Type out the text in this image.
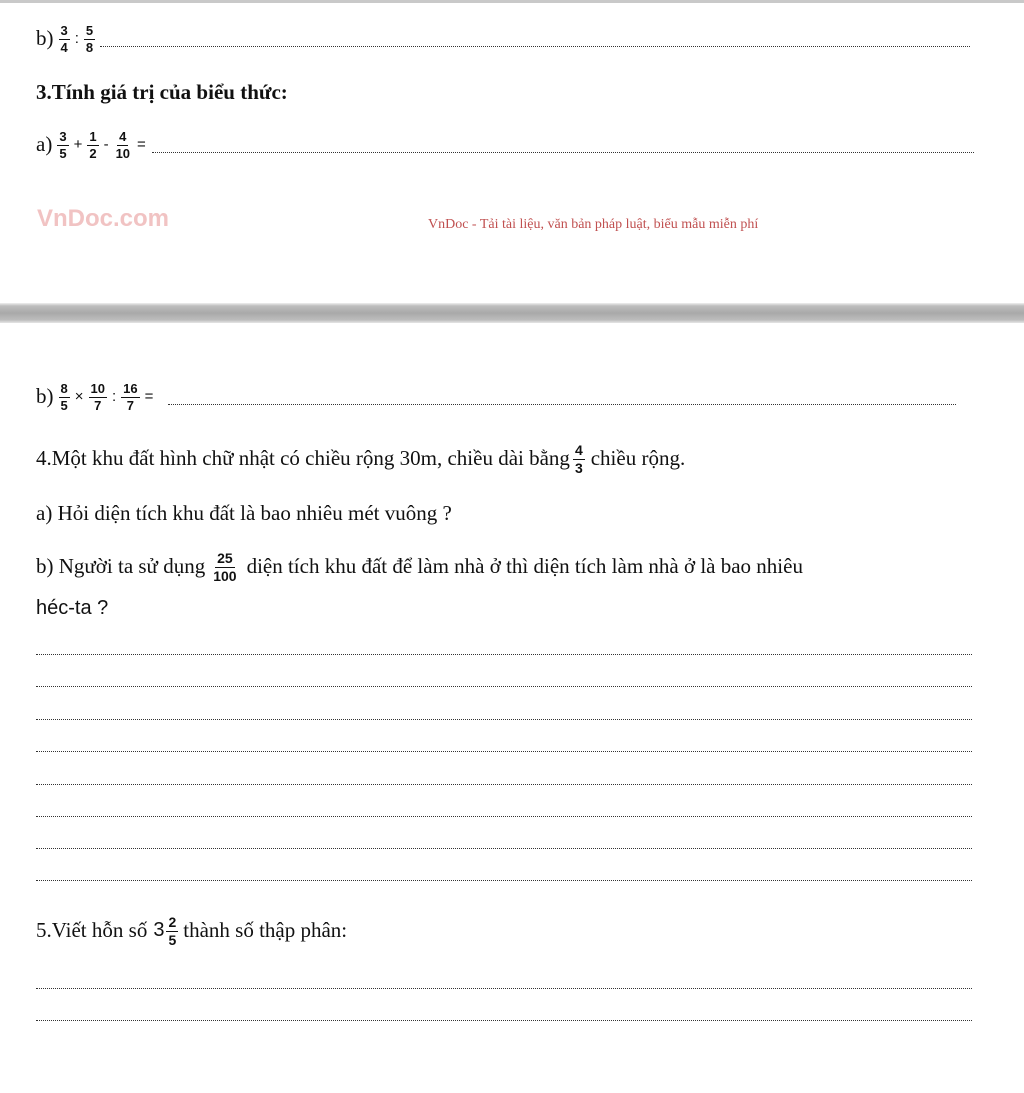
$b) \frac{3}{4}$ : $\frac{5}{8}$
3.Tính giá trị của biểu thức:
$a) \frac{3}{5} + \frac{1}{2} - \frac{4}{10}$ =
VnDoc.com	VnDoc - Tải tài liệu, văn bản pháp luật, biểu mẫu miễn phí
$b) \frac{8}{5} \times \frac{10}{7}$ : $\frac{16}{7}$ =
4.Một khu đất hình chữ nhật có chiều rộng 30m, chiều dài bằng $\frac{4}{3}$ chiều rộng.
a) Hỏi diện tích khu đất là bao nhiêu mét vuông ?
b) Người ta sử dụng $\frac{25}{100}$ diện tích khu đất để làm nhà ở thì diện tích làm nhà ở là bao nhiêu
héc-ta ?
5.Viết hỗn số $3 \frac{2}{5}$ thành số thập phân:
